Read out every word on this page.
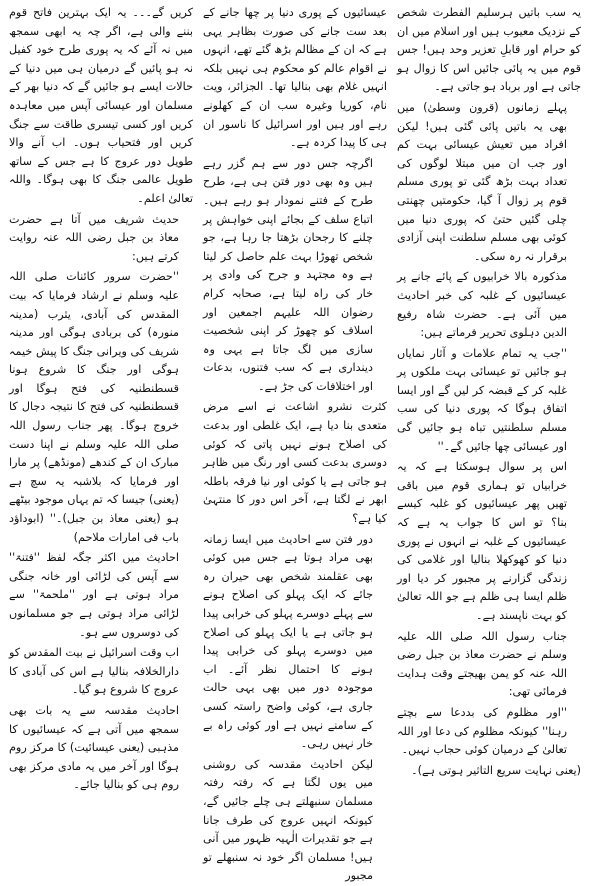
یہ سب باتیں ہرسلیم الفطرت شخص کے نزدیک معیوب ہیں اور اسلام میں ان کو حرام اور قابلِ تعزیر وحد ہیں! جس قوم میں یہ پائی جائیں اس کا زوال ہو جاتی ہے اور برباد ہو جاتی ہے۔

پہلے زمانوں (قرون وسطیٰ) میں بھی یہ باتیں پائی گئی ہیں! لیکن افراد میں تعیش عیسائی بہت کم اور جب ان میں مبتلا لوگوں کی تعداد بہت بڑھ گئی تو پوری مسلم قوم پر زوال آ گیا، حکومتیں چھنتی چلی گئیں حتیٰ کہ پوری دنیا میں کوئی بھی مسلم سلطنت اپنی آزادی برقرار نہ رہ سکی۔

مذکورہ بالا خرابیوں کے پائے جانے پر عیسائیوں کے غلبہ کی خبر احادیث میں آئی ہے۔ حضرت شاہ رفیع الدین دہلوی تحریر فرماتے ہیں:

''جب یہ تمام علامات و آثار نمایاں ہو جائیں تو عیسائی بہت ملکوں پر غلبہ کر کے قبضہ کر لیں گے اور ایسا اتفاق ہوگا کہ پوری دنیا کی سب مسلم سلطنتیں تباہ ہو جائیں گی اور عیسائی چھا جائیں گے۔''

اس پر سوال ہوسکتا ہے کہ یہ خرابیاں تو ہماری قوم میں باقی تھیں پھر عیسائیوں کو غلبہ کیسے بنا؟ تو اس کا جواب یہ ہے کہ عیسائیوں کے غلبہ نے انہوں نے پوری دنیا کو کھوکھلا بنالیا اور غلامی کی زندگی گزارنے پر مجبور کر دیا اور ظلم ایسا ہی ظلم ہے جو اللہ تعالیٰ کو بہت ناپسند ہے۔

جناب رسول اللہ صلی اللہ علیہ وسلم نے حضرت معاذ بن جبل رضی اللہ عنہ کو یمن بھیجتے وقت ہدایت فرمائی تھی:

''اور مظلوم کی بددعا سے بچتے رہنا'' کیونکہ مظلوم کی دعا اور اللہ تعالیٰ کے درمیان کوئی حجاب نہیں۔

(یعنی نہایت سریع التاثیر ہوتی ہے)۔

عیسائیوں کے پوری دنیا پر چھا جانے کے بعد ست جانے کی صورت بظاہر یہی ہے کہ ان کے مظالم بڑھ گئے تھے، انہوں نے اقوام عالم کو محکوم ہی نہیں بلکہ انہیں غلام بھی بنالیا تھا۔ الجزائر، ویت نام، کوریا وغیرہ سب ان کے کھلونے رہے اور ہیں اور اسرائیل کا ناسور ان ہی کا پیدا کردہ ہے۔

اگرچہ جس دور سے ہم گزر رہے ہیں وہ بھی دور فتن ہی ہے، طرح طرح کے فتنے نمودار ہو رہے ہیں۔ اتباع سلف کے بجائے اپنی خواہش پر چلنے کا رجحان بڑھتا جا رہا ہے، جو شخص تھوڑا بہت علم حاصل کر لیتا ہے وہ مجتہد و جرح کی وادی پر خار کی راہ لیتا ہے، صحابہ کرام رضوان اللہ علیہم اجمعین اور اسلاف کو چھوڑ کر اپنی شخصیت سازی میں لگ جاتا ہے یہی وہ دینداری ہے کہ سب فتنوں، بدعات اور اختلافات کی جڑ ہے۔

کثرت نشرو اشاعت نے اسے مرض متعدی بنا دیا ہے، ایک غلطی اور بدعت کی اصلاح ہونے نہیں پاتی کہ کوئی دوسری بدعت کسی اور رنگ میں ظاہر ہو جاتی ہے یا کوئی اور نیا فرقہ باطلہ ابھر نے لگتا ہے، آخر اس دور کا منتہیٰ کیا ہے؟

دور فتن سے احادیث میں ایسا زمانہ بھی مراد ہوتا ہے جس میں کوئی بھی عقلمند شخص بھی حیران رہ جائے کہ ایک پہلو کی اصلاح ہونے سے پہلے دوسرے پہلو کی خرابی پیدا ہو جاتی ہے یا ایک پہلو کی اصلاح میں دوسرے پہلو کی خرابی پیدا ہونے کا احتمال نظر آئے۔ اب موجودہ دور میں بھی یہی حالت جاری ہے، کوئی واضح راستہ کسی کے سامنے نہیں ہے اور کوئی راہ بے خار نہیں رہی۔

لیکن احادیث مقدسہ کی روشنی میں یوں لگتا ہے کہ رفتہ رفتہ مسلمان سنبھلتے ہی چلے جائیں گے، کیونکہ انہیں عروج کی طرف جانا ہے جو تقدیرات الٰہیہ ظہور میں آنی ہیں! مسلمان اگر خود نہ سنبھلے تو مجبور

کریں گے۔۔۔ یہ ایک بہترین فاتح قوم بننے والی ہے، اگر چہ یہ ابھی سمجھ میں نہ آئے کہ یہ پوری طرح خود کفیل نہ ہو پائیں گے درمیان ہی میں دنیا کے حالات ایسے ہو جائیں گے کہ دنیا بھر کے مسلمان اور عیسائی آپس میں معاہدہ کریں اور کسی تیسری طاقت سے جنگ کریں اور فتحیاب ہوں۔ اب آنے والا طویل دور عروج کا ہے جس کے ساتھ طویل عالمی جنگ کا بھی ہوگا۔ واللہ تعالیٰ اعلم۔

حدیث شریف میں آتا ہے حضرت معاذ بن جبل رضی اللہ عنہ روایت کرتے ہیں:

''حضرت سرور کائنات صلی اللہ علیہ وسلم نے ارشاد فرمایا کہ بیت المقدس کی آبادی، یثرب (مدینہ منورہ) کی بربادی ہوگی اور مدینہ شریف کی ویرانی جنگ کا پیش خیمہ ہوگی اور جنگ کا شروع ہونا قسطنطنیہ کی فتح ہوگا اور قسطنطنیہ کی فتح کا نتیجہ دجال کا خروج ہوگا۔ پھر جناب رسول اللہ صلی اللہ علیہ وسلم نے اپنا دست مبارک ان کے کندھے (مونڈھے) پر مارا اور فرمایا کہ بلاشبہ یہ سچ ہے (یعنی) جیسا کہ تم یہاں موجود بیٹھے ہو (یعنی معاذ بن جبل)۔'' (ابوداؤد باب فی امارات ملاحم)

احادیث میں اکثر جگہ لفظ ''فتنۃ'' سے آپس کی لڑائی اور خانہ جنگی مراد ہوتی ہے اور ''ملحمۃ'' سے لڑائی مراد ہوتی ہے جو مسلمانوں کی دوسروں سے ہو۔

اب وقت اسرائیل نے بیت المقدس کو دارالخلافہ بنالیا ہے اس کی آبادی کا عروج کا شروع ہو گیا۔

احادیث مقدسہ سے یہ بات بھی سمجھ میں آتی ہے کہ عیسائیوں کا مذہبی (یعنی عیسائیت) کا مرکز روم ہوگا اور آخر میں یہ مادی مرکز بھی روم ہی کو بنالیا جائے۔
